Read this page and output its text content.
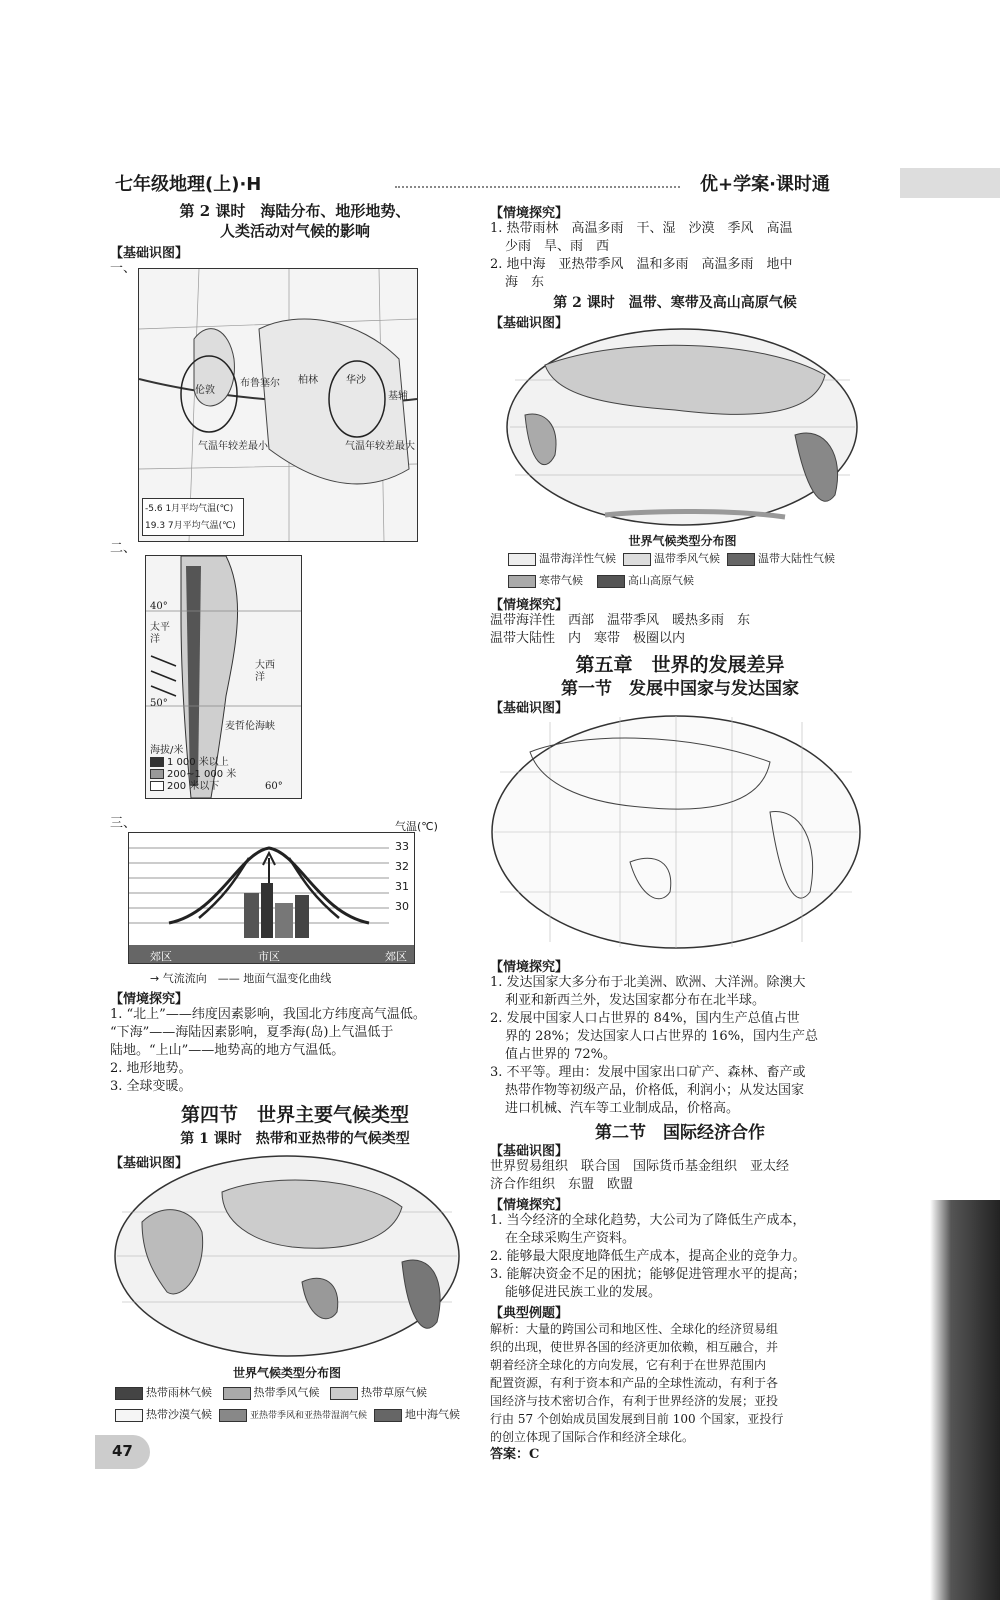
七年级地理(上)·H	优+学案·课时通
第 2 课时　海陆分布、地形地势、
人类活动对气候的影响
【基础识图】
一、
伦敦
布鲁塞尔 柏林	华沙
基辅
气温年较差最小	气温年较差最大
-5.6 1月平均气温(℃)
19.3 7月平均气温(℃)
二、
40°
50°
太平洋
大西洋
麦哲伦海峡
60°
海拔/米
1 000 米以上
200~1 000 米
200 米以下
三、	气温(℃)
33
32
31
30
郊区	市区	郊区
→ 气流流向　—— 地面气温变化曲线
【情境探究】
1. “北上”——纬度因素影响，我国北方纬度高气温低。
“下海”——海陆因素影响，夏季海(岛)上气温低于
陆地。“上山”——地势高的地方气温低。
2. 地形地势。
3. 全球变暖。
第四节　世界主要气候类型
第 1 课时　热带和亚热带的气候类型
【基础识图】
世界气候类型分布图
热带雨林气候	热带季风气候	热带草原气候
热带沙漠气候	亚热带季风和亚热带湿润气候	地中海气候
47
【情境探究】
1. 热带雨林　高温多雨　干、湿　沙漠　季风　高温
少雨　旱、雨　西
2. 地中海　亚热带季风　温和多雨　高温多雨　地中
海　东
第 2 课时　温带、寒带及高山高原气候
【基础识图】
世界气候类型分布图
温带海洋性气候	温带季风气候	温带大陆性气候
寒带气候	高山高原气候
【情境探究】
温带海洋性　西部　温带季风　暖热多雨　东
温带大陆性　内　寒带　极圈以内
第五章　世界的发展差异
第一节　发展中国家与发达国家
【基础识图】
【情境探究】
1. 发达国家大多分布于北美洲、欧洲、大洋洲。除澳大
利亚和新西兰外，发达国家都分布在北半球。
2. 发展中国家人口占世界的 84%，国内生产总值占世
界的 28%；发达国家人口占世界的 16%，国内生产总
值占世界的 72%。
3. 不平等。理由：发展中国家出口矿产、森林、畜产或
热带作物等初级产品，价格低，利润小；从发达国家
进口机械、汽车等工业制成品，价格高。
第二节　国际经济合作
【基础识图】
世界贸易组织　联合国　国际货币基金组织　亚太经
济合作组织　东盟　欧盟
【情境探究】
1. 当今经济的全球化趋势，大公司为了降低生产成本，
在全球采购生产资料。
2. 能够最大限度地降低生产成本，提高企业的竞争力。
3. 能解决资金不足的困扰；能够促进管理水平的提高；
能够促进民族工业的发展。
【典型例题】
解析：大量的跨国公司和地区性、全球化的经济贸易组
织的出现，使世界各国的经济更加依赖，相互融合，并
朝着经济全球化的方向发展，它有利于在世界范围内
配置资源，有利于资本和产品的全球性流动，有利于各
国经济与技术密切合作，有利于世界经济的发展；亚投
行由 57 个创始成员国发展到目前 100 个国家，亚投行
的创立体现了国际合作和经济全球化。
答案：C
